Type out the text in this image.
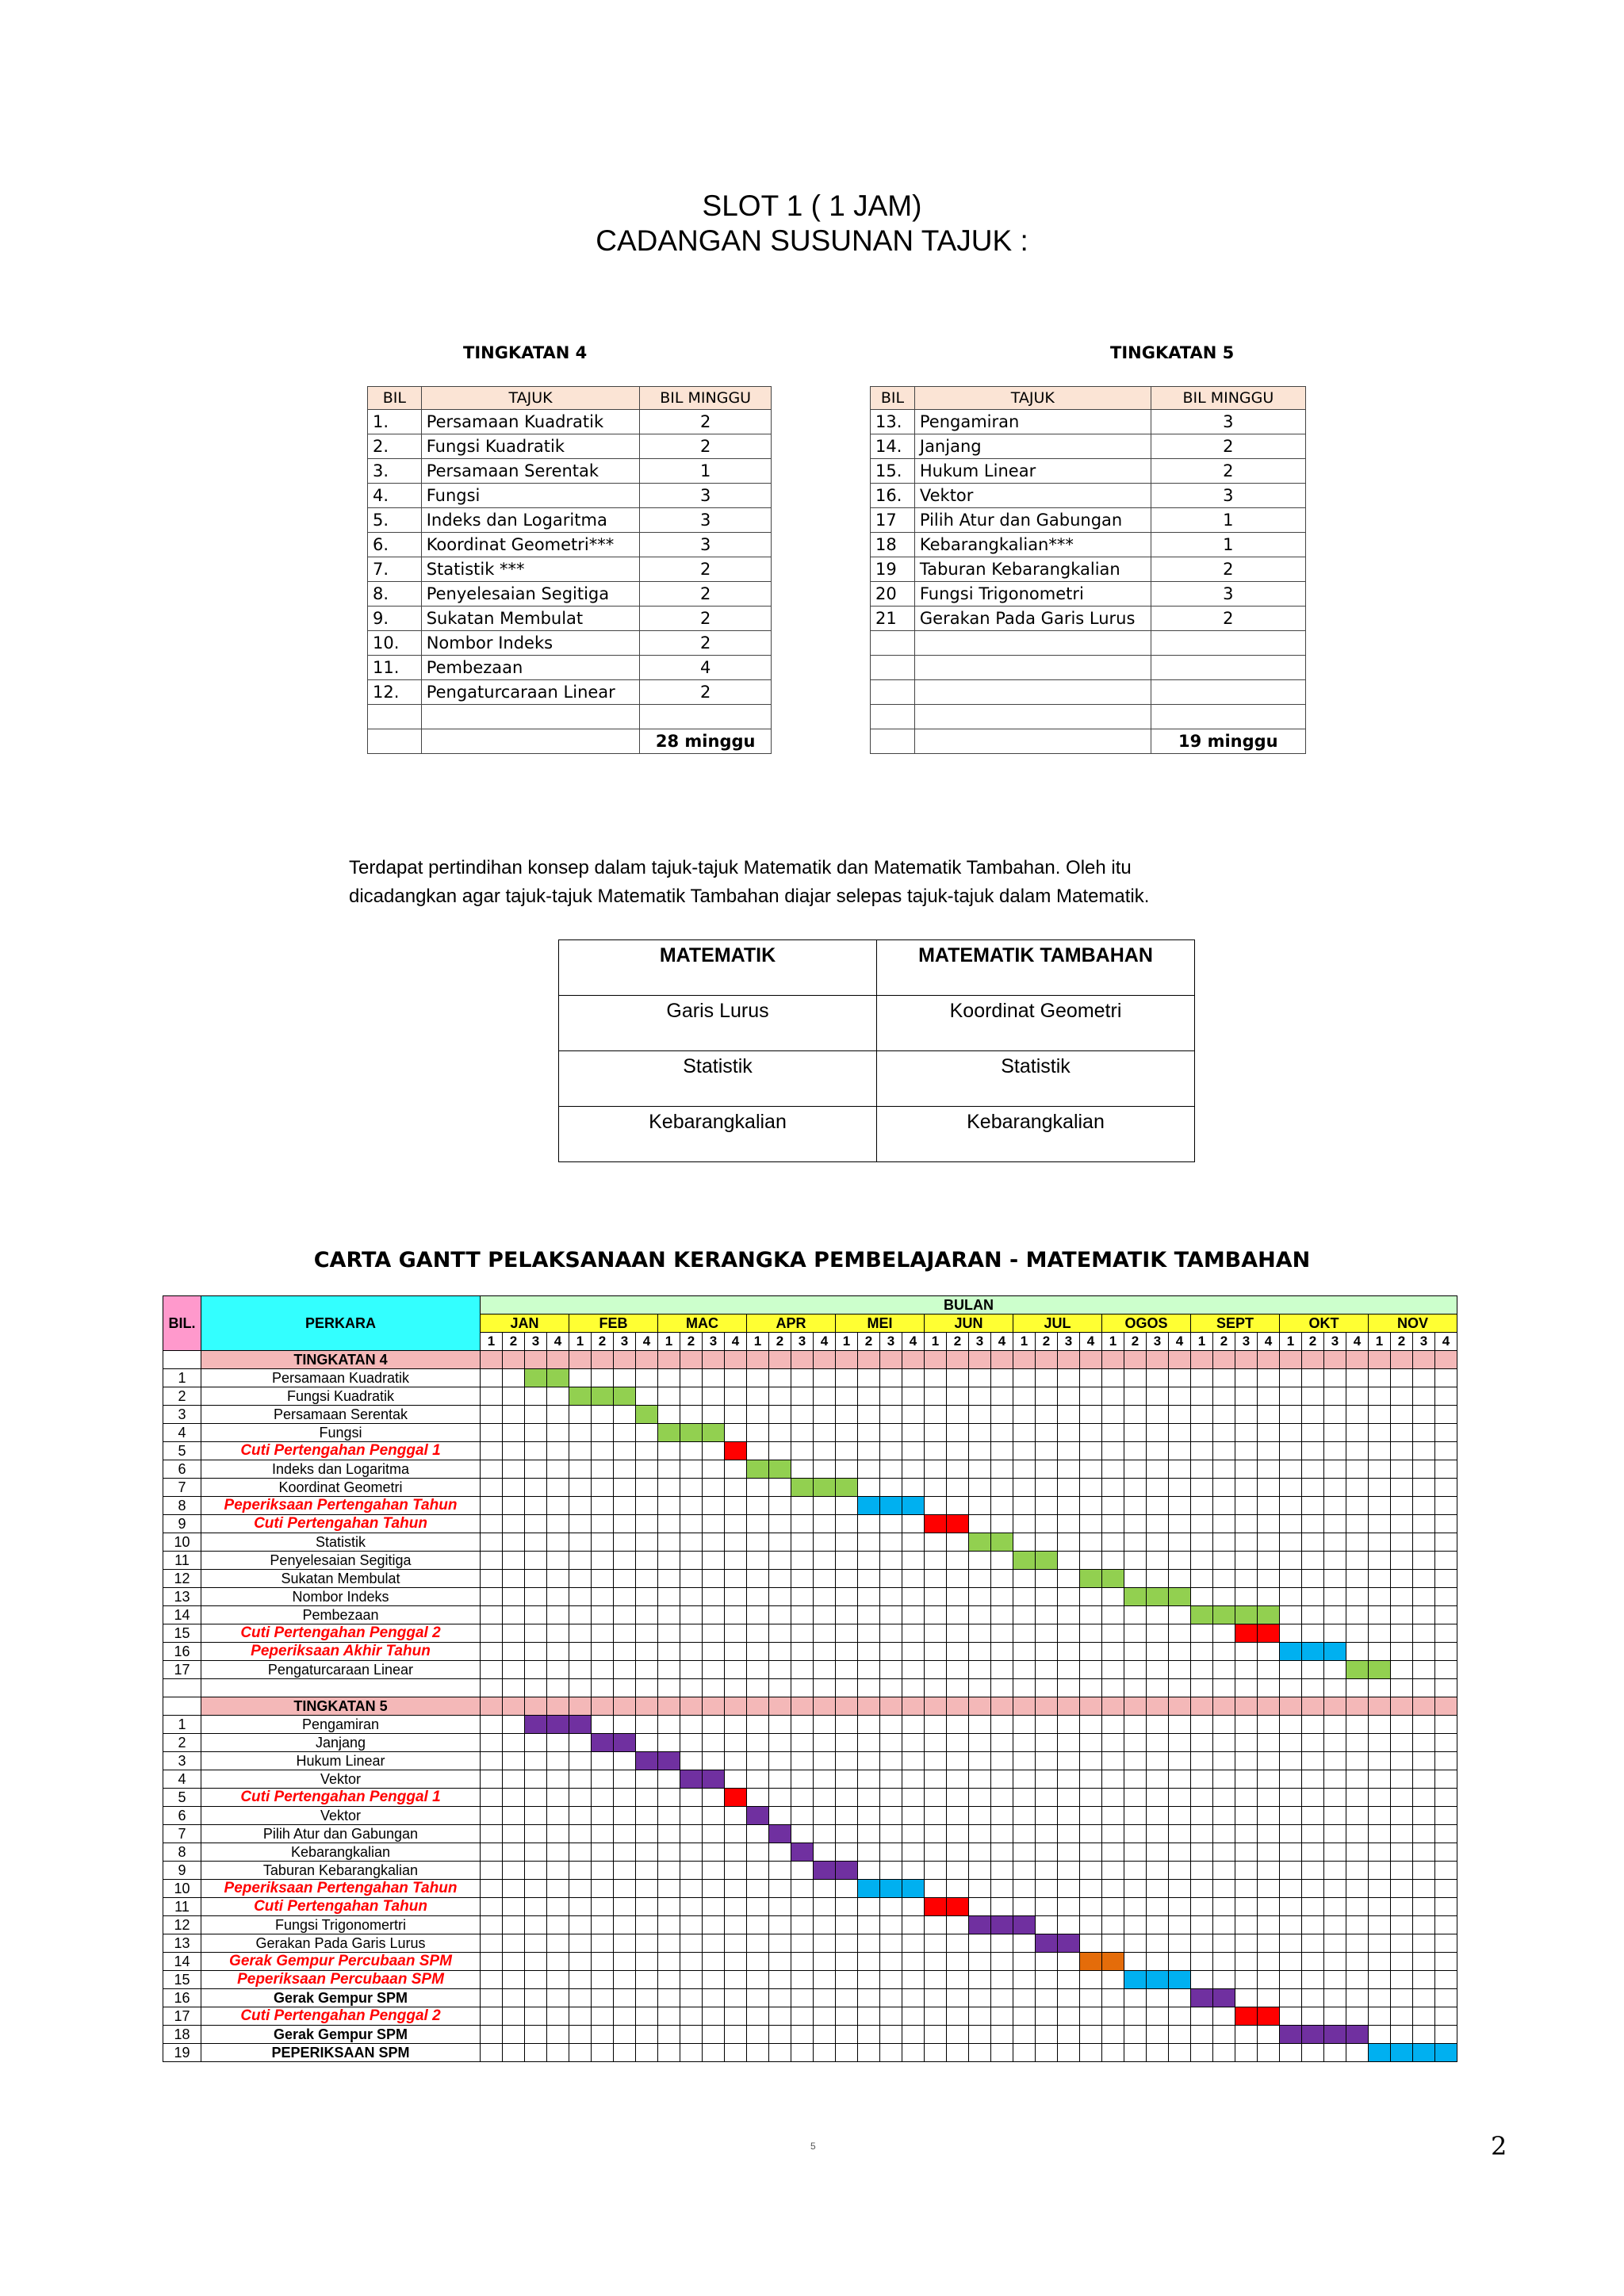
SLOT 1 ( 1 JAM)
CADANGAN SUSUNAN TAJUK :
TINGKATAN 4	TINGKATAN 5
BIL	TAJUK	BIL MINGGU
1.	Persamaan Kuadratik	2
2.	Fungsi Kuadratik	2
3.	Persamaan Serentak	1
4.	Fungsi	3
5.	Indeks dan Logaritma	3
6.	Koordinat Geometri***	3
7.	Statistik ***	2
8.	Penyelesaian Segitiga	2
9.	Sukatan Membulat	2
10.	Nombor Indeks	2
11.	Pembezaan	4
12.	Pengaturcaraan Linear	2

		28 minggu
BIL	TAJUK	BIL MINGGU
13.	Pengamiran	3
14.	Janjang	2
15.	Hukum Linear	2
16.	Vektor	3
17	Pilih Atur dan Gabungan	1
18	Kebarangkalian***	1
19	Taburan Kebarangkalian	2
20	Fungsi Trigonometri	3
21	Gerakan Pada Garis Lurus	2

		19 minggu
Terdapat pertindihan konsep dalam tajuk-tajuk Matematik dan Matematik Tambahan. Oleh itu
dicadangkan agar tajuk-tajuk Matematik Tambahan diajar selepas tajuk-tajuk dalam Matematik.
MATEMATIK	MATEMATIK TAMBAHAN
Garis Lurus	Koordinat Geometri
Statistik	Statistik
Kebarangkalian	Kebarangkalian
CARTA GANTT PELAKSANAAN KERANGKA PEMBELAJARAN - MATEMATIK TAMBAHAN
BIL.	PERKARA	BULAN																																											
		JAN				FEB				MAC				APR				MEI				JUN				JUL				OGOS				SEPT				OKT				NOV			
		1	2	3	4	1	2	3	4	1	2	3	4	1	2	3	4	1	2	3	4	1	2	3	4	1	2	3	4	1	2	3	4	1	2	3	4	1	2	3	4	1	2	3	4
	TINGKATAN 4																																												
1	Persamaan Kuadratik																																												
2	Fungsi Kuadratik																																												
3	Persamaan Serentak																																												
4	Fungsi																																												
5	Cuti Pertengahan Penggal 1																																												
6	Indeks dan Logaritma																																												
7	Koordinat Geometri																																												
8	Peperiksaan Pertengahan Tahun																																												
9	Cuti Pertengahan Tahun																																												
10	Statistik																																												
11	Penyelesaian Segitiga																																												
12	Sukatan Membulat																																												
13	Nombor Indeks																																												
14	Pembezaan																																												
15	Cuti Pertengahan Penggal 2																																												
16	Peperiksaan Akhir Tahun																																												
17	Pengaturcaraan Linear																																												

	TINGKATAN 5																																												
1	Pengamiran																																												
2	Janjang																																												
3	Hukum Linear																																												
4	Vektor																																												
5	Cuti Pertengahan Penggal 1																																												
6	Vektor																																												
7	Pilih Atur dan Gabungan																																												
8	Kebarangkalian																																												
9	Taburan Kebarangkalian																																												
10	Peperiksaan Pertengahan Tahun																																												
11	Cuti Pertengahan Tahun																																												
12	Fungsi Trigonomertri																																												
13	Gerakan Pada Garis Lurus																																												
14	Gerak Gempur Percubaan SPM																																												
15	Peperiksaan Percubaan SPM																																												
16	Gerak Gempur SPM																																												
17	Cuti Pertengahan Penggal 2																																												
18	Gerak Gempur SPM																																												
19	PEPERIKSAAN SPM																																												
5	2
